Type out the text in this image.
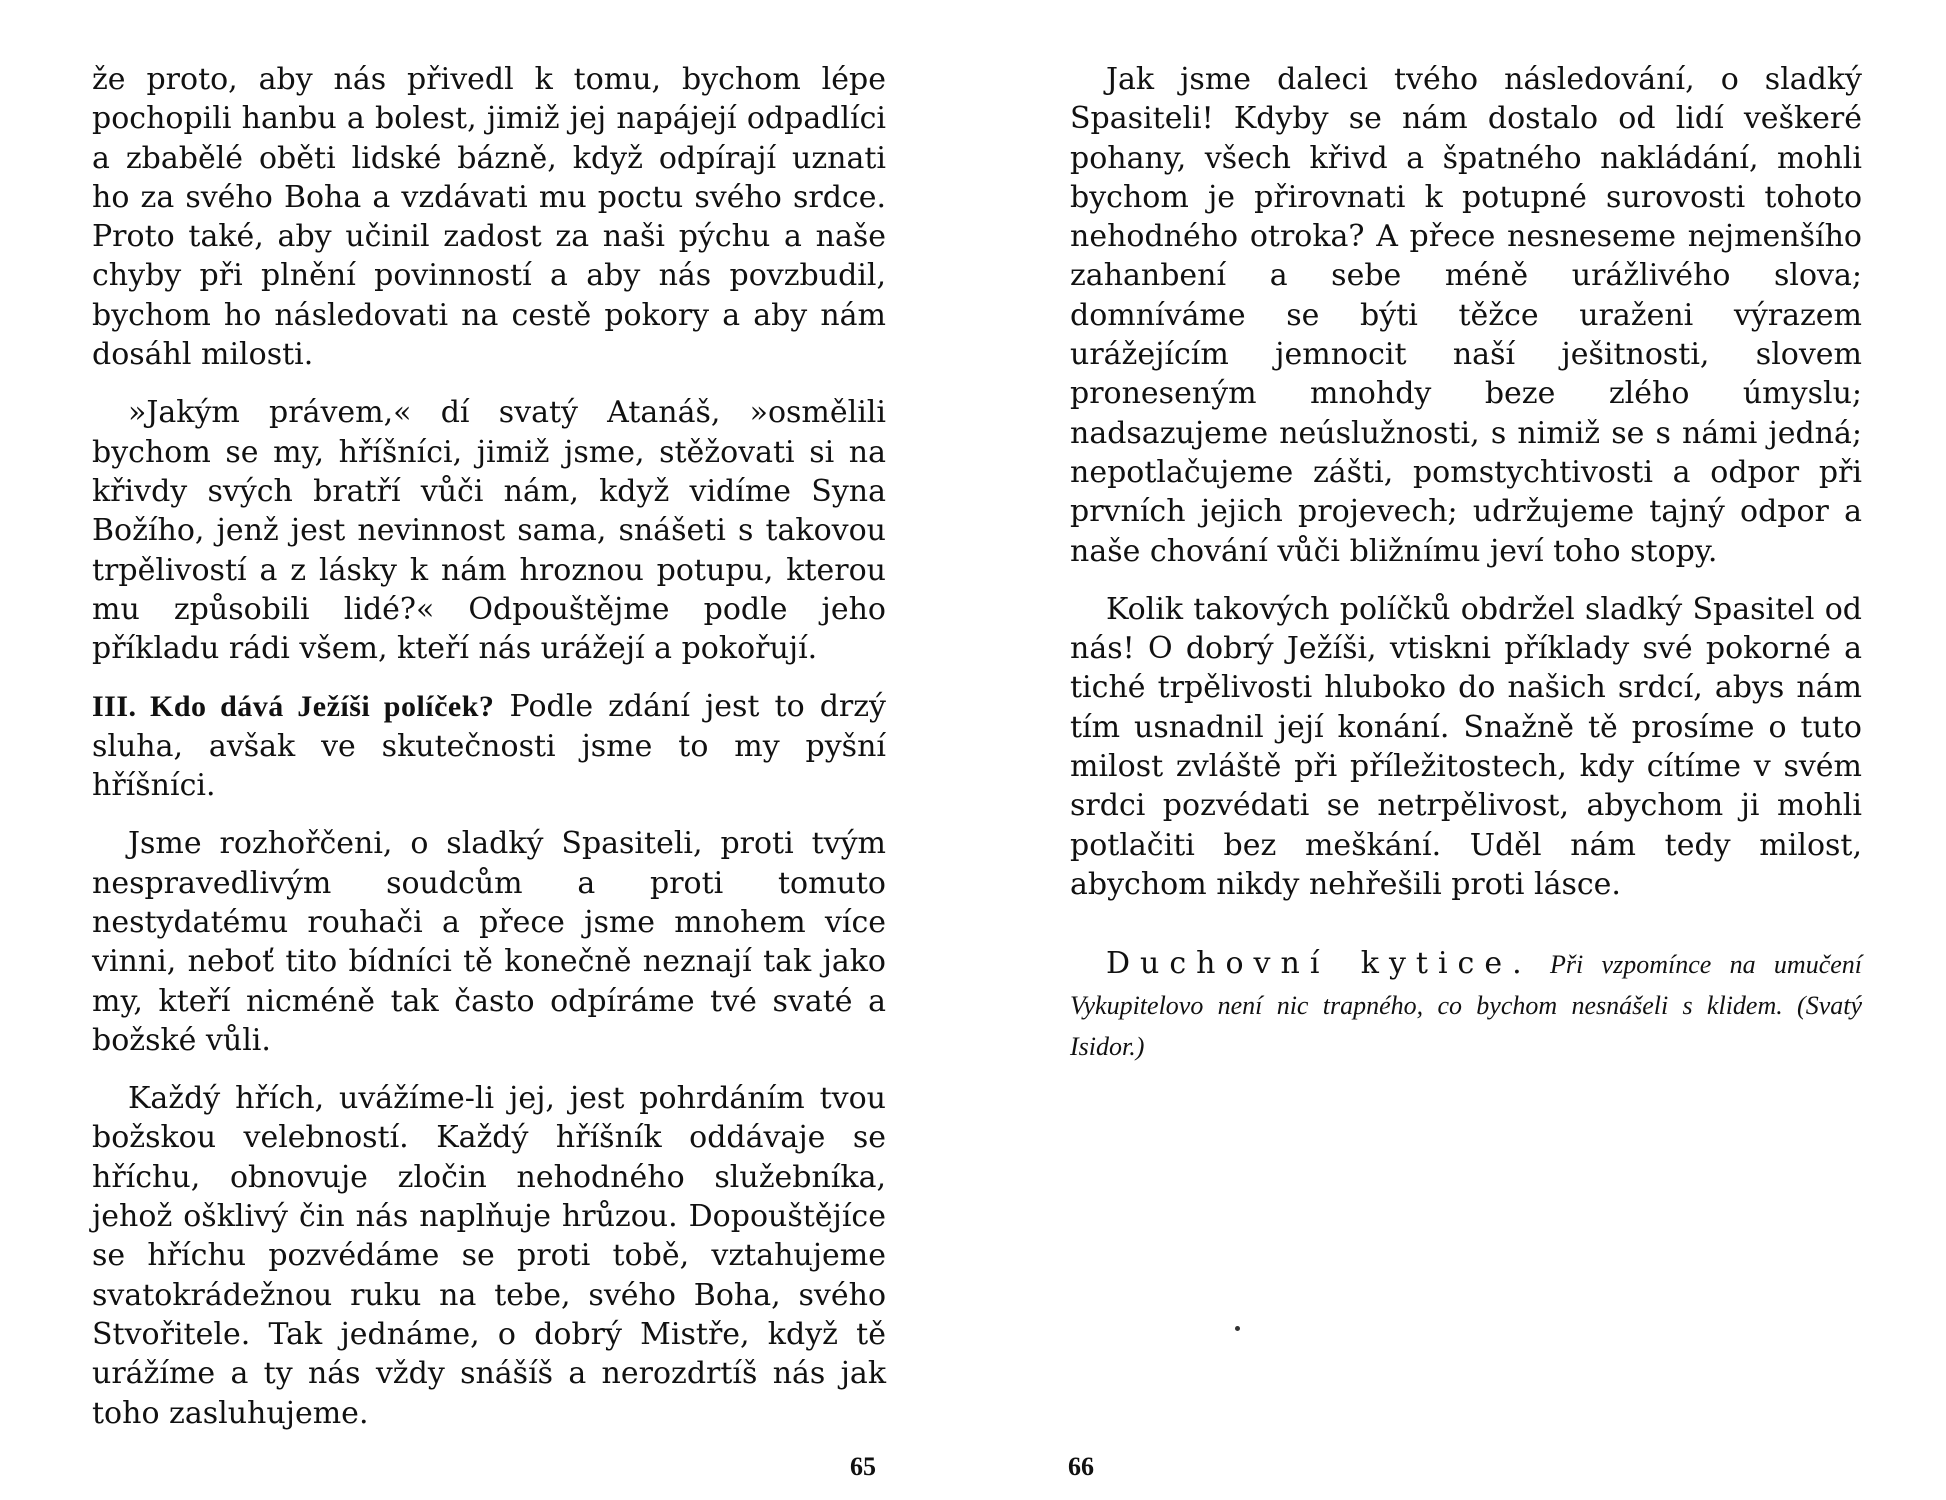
že proto, aby nás přivedl k tomu, bychom lépe pochopili hanbu a bolest, jimiž jej napájejí odpadlíci a zbabělé oběti lidské bázně, když odpírají uznati ho za svého Boha a vzdávati mu poctu svého srdce. Proto také, aby učinil zadost za naši pýchu a naše chyby při plnění povinností a aby nás povzbudil, bychom ho následovati na cestě pokory a aby nám dosáhl milosti.

»Jakým právem,« dí svatý Atanáš, »osmělili bychom se my, hříšníci, jimiž jsme, stěžovati si na křivdy svých bratří vůči nám, když vidíme Syna Božího, jenž jest nevinnost sama, snášeti s takovou trpělivostí a z lásky k nám hroznou potupu, kterou mu způsobili lidé?« Odpouštějme podle jeho příkladu rádi všem, kteří nás urážejí a pokořují.

III. Kdo dává Ježíši políček? Podle zdání jest to drzý sluha, avšak ve skutečnosti jsme to my pyšní hříšníci.

Jsme rozhořčeni, o sladký Spasiteli, proti tvým nespravedlivým soudcům a proti tomuto nestydatému rouhači a přece jsme mnohem více vinni, neboť tito bídníci tě konečně neznají tak jako my, kteří nicméně tak často odpíráme tvé svaté a božské vůli.

Každý hřích, uvážíme-li jej, jest pohrdáním tvou božskou velebností. Každý hříšník oddávaje se hříchu, obnovuje zločin nehodného služebníka, jehož ošklivý čin nás naplňuje hrůzou. Dopouštějíce se hříchu pozvédáme se proti tobě, vztahujeme svatokrádežnou ruku na tebe, svého Boha, svého Stvořitele. Tak jednáme, o dobrý Mistře, když tě urážíme a ty nás vždy snášíš a nerozdrtíš nás jak toho zasluhujeme.

65

Jak jsme daleci tvého následování, o sladký Spasiteli! Kdyby se nám dostalo od lidí veškeré pohany, všech křivd a špatného nakládání, mohli bychom je přirovnati k potupné surovosti tohoto nehodného otroka? A přece nesneseme nejmenšího zahanbení a sebe méně urážlivého slova; domníváme se býti těžce uraženi výrazem urážejícím jemnocit naší ješitnosti, slovem proneseným mnohdy beze zlého úmyslu; nadsazujeme neúslužnosti, s nimiž se s námi jedná; nepotlačujeme zášti, pomstychtivosti a odpor při prvních jejich projevech; udržujeme tajný odpor a naše chování vůči bližnímu jeví toho stopy.

Kolik takových políčků obdržel sladký Spasitel od nás! O dobrý Ježíši, vtiskni příklady své pokorné a tiché trpělivosti hluboko do našich srdcí, abys nám tím usnadnil její konání. Snažně tě prosíme o tuto milost zvláště při příležitostech, kdy cítíme v svém srdci pozvédati se netrpělivost, abychom ji mohli potlačiti bez meškání. Uděl nám tedy milost, abychom nikdy nehřešili proti lásce.

Duchovní kytice. Při vzpomínce na umučení Vykupitelovo není nic trapného, co bychom nesnášeli s klidem. (Svatý Isidor.)

66
